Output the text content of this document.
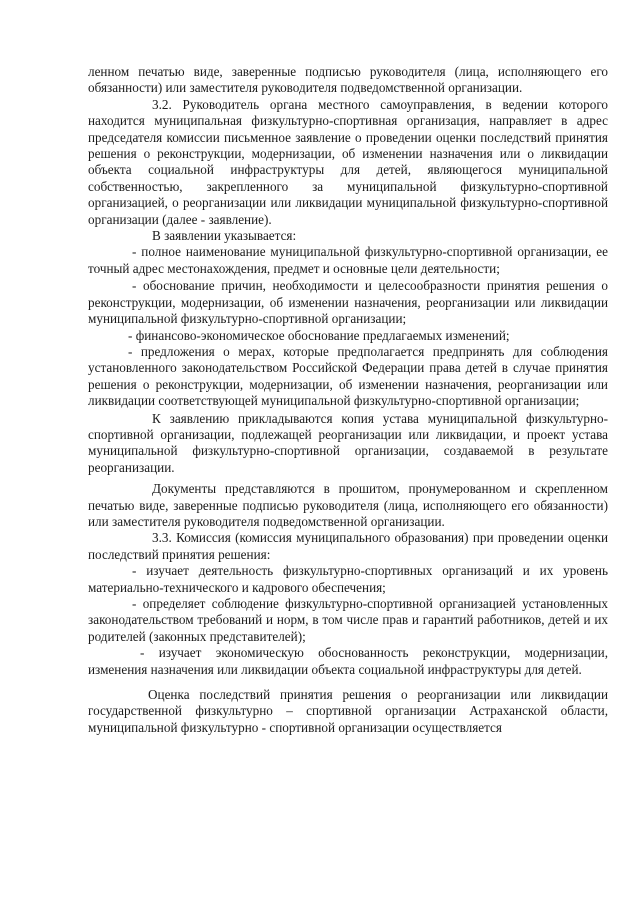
ленном печатью виде, заверенные подписью руководителя (лица, исполняющего его обязанности) или заместителя руководителя подведомственной организации.

3.2. Руководитель органа местного самоуправления, в ведении которого находится муниципальная физкультурно-спортивная организация, направляет в адрес председателя комиссии письменное заявление о проведении оценки последствий принятия решения о реконструкции, модернизации, об изменении назначения или о ликвидации объекта социальной инфраструктуры для детей, являющегося муниципальной собственностью, закрепленного за муниципальной физкультурно-спортивной организацией, о реорганизации или ликвидации муниципальной физкультурно-спортивной организации (далее - заявление).

В заявлении указывается:

- полное наименование муниципальной физкультурно-спортивной организации, ее точный адрес местонахождения, предмет и основные цели деятельности;

- обоснование причин, необходимости и целесообразности принятия решения о реконструкции, модернизации, об изменении назначения, реорганизации или ликвидации муниципальной физкультурно-спортивной организации;

- финансово-экономическое обоснование предлагаемых изменений;

- предложения о мерах, которые предполагается предпринять для соблюдения установленного законодательством Российской Федерации права детей в случае принятия решения о реконструкции, модернизации, об изменении назначения, реорганизации или ликвидации соответствующей муниципальной физкультурно-спортивной организации;

К заявлению прикладываются копия устава муниципальной физкультурно-спортивной организации, подлежащей реорганизации или ликвидации, и проект устава муниципальной физкультурно-спортивной организации, создаваемой в результате реорганизации.

Документы представляются в прошитом, пронумерованном и скрепленном печатью виде, заверенные подписью руководителя (лица, исполняющего его обязанности) или заместителя руководителя подведомственной организации.

3.3. Комиссия (комиссия муниципального образования) при проведении оценки последствий принятия решения:

- изучает деятельность физкультурно-спортивных организаций и их уровень материально-технического и кадрового обеспечения;

- определяет соблюдение физкультурно-спортивной организацией установленных законодательством требований и норм, в том числе прав и гарантий работников, детей и их родителей (законных представителей);

- изучает экономическую обоснованность реконструкции, модернизации, изменения назначения или ликвидации объекта социальной инфраструктуры для детей.

Оценка последствий принятия решения о реорганизации или ликвидации государственной физкультурно – спортивной организации Астраханской области, муниципальной физкультурно - спортивной организации осуществляется
